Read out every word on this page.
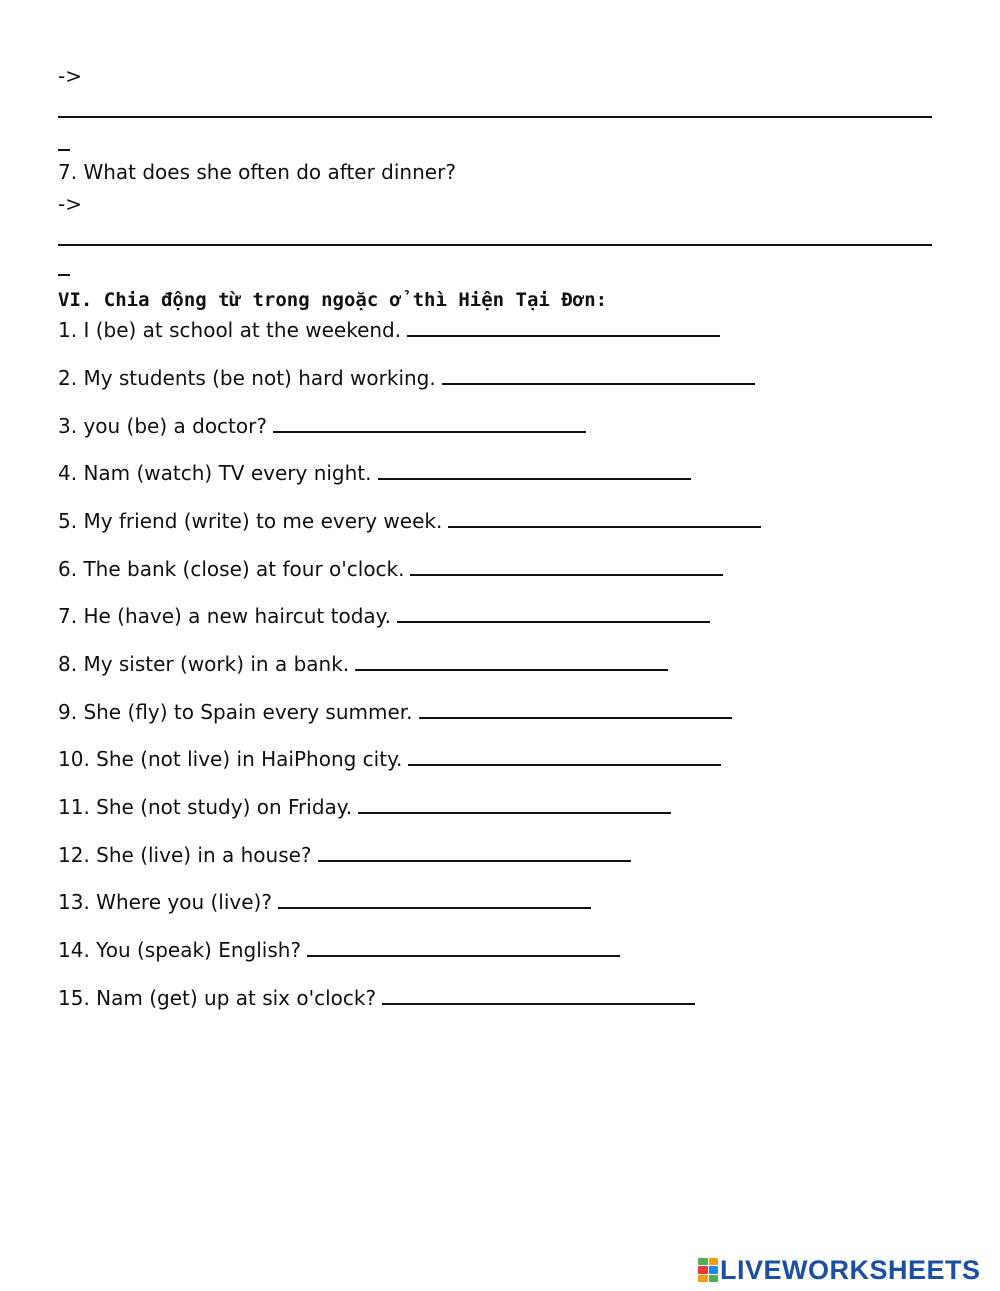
->
7. What does she often do after dinner?
->
VI. Chia động từ trong ngoặc ở thì Hiện Tại Đơn:
1. I (be) at school at the weekend.
2. My students (be not) hard working.
3. you (be) a doctor?
4. Nam (watch) TV every night.
5. My friend (write) to me every week.
6. The bank (close) at four o'clock.
7. He (have) a new haircut today.
8. My sister (work) in a bank.
9. She (fly) to Spain every summer.
10. She (not live) in HaiPhong city.
11. She (not study) on Friday.
12. She (live) in a house?
13. Where you (live)?
14. You (speak) English?
15. Nam (get) up at six o'clock?
LIVEWORKSHEETS
